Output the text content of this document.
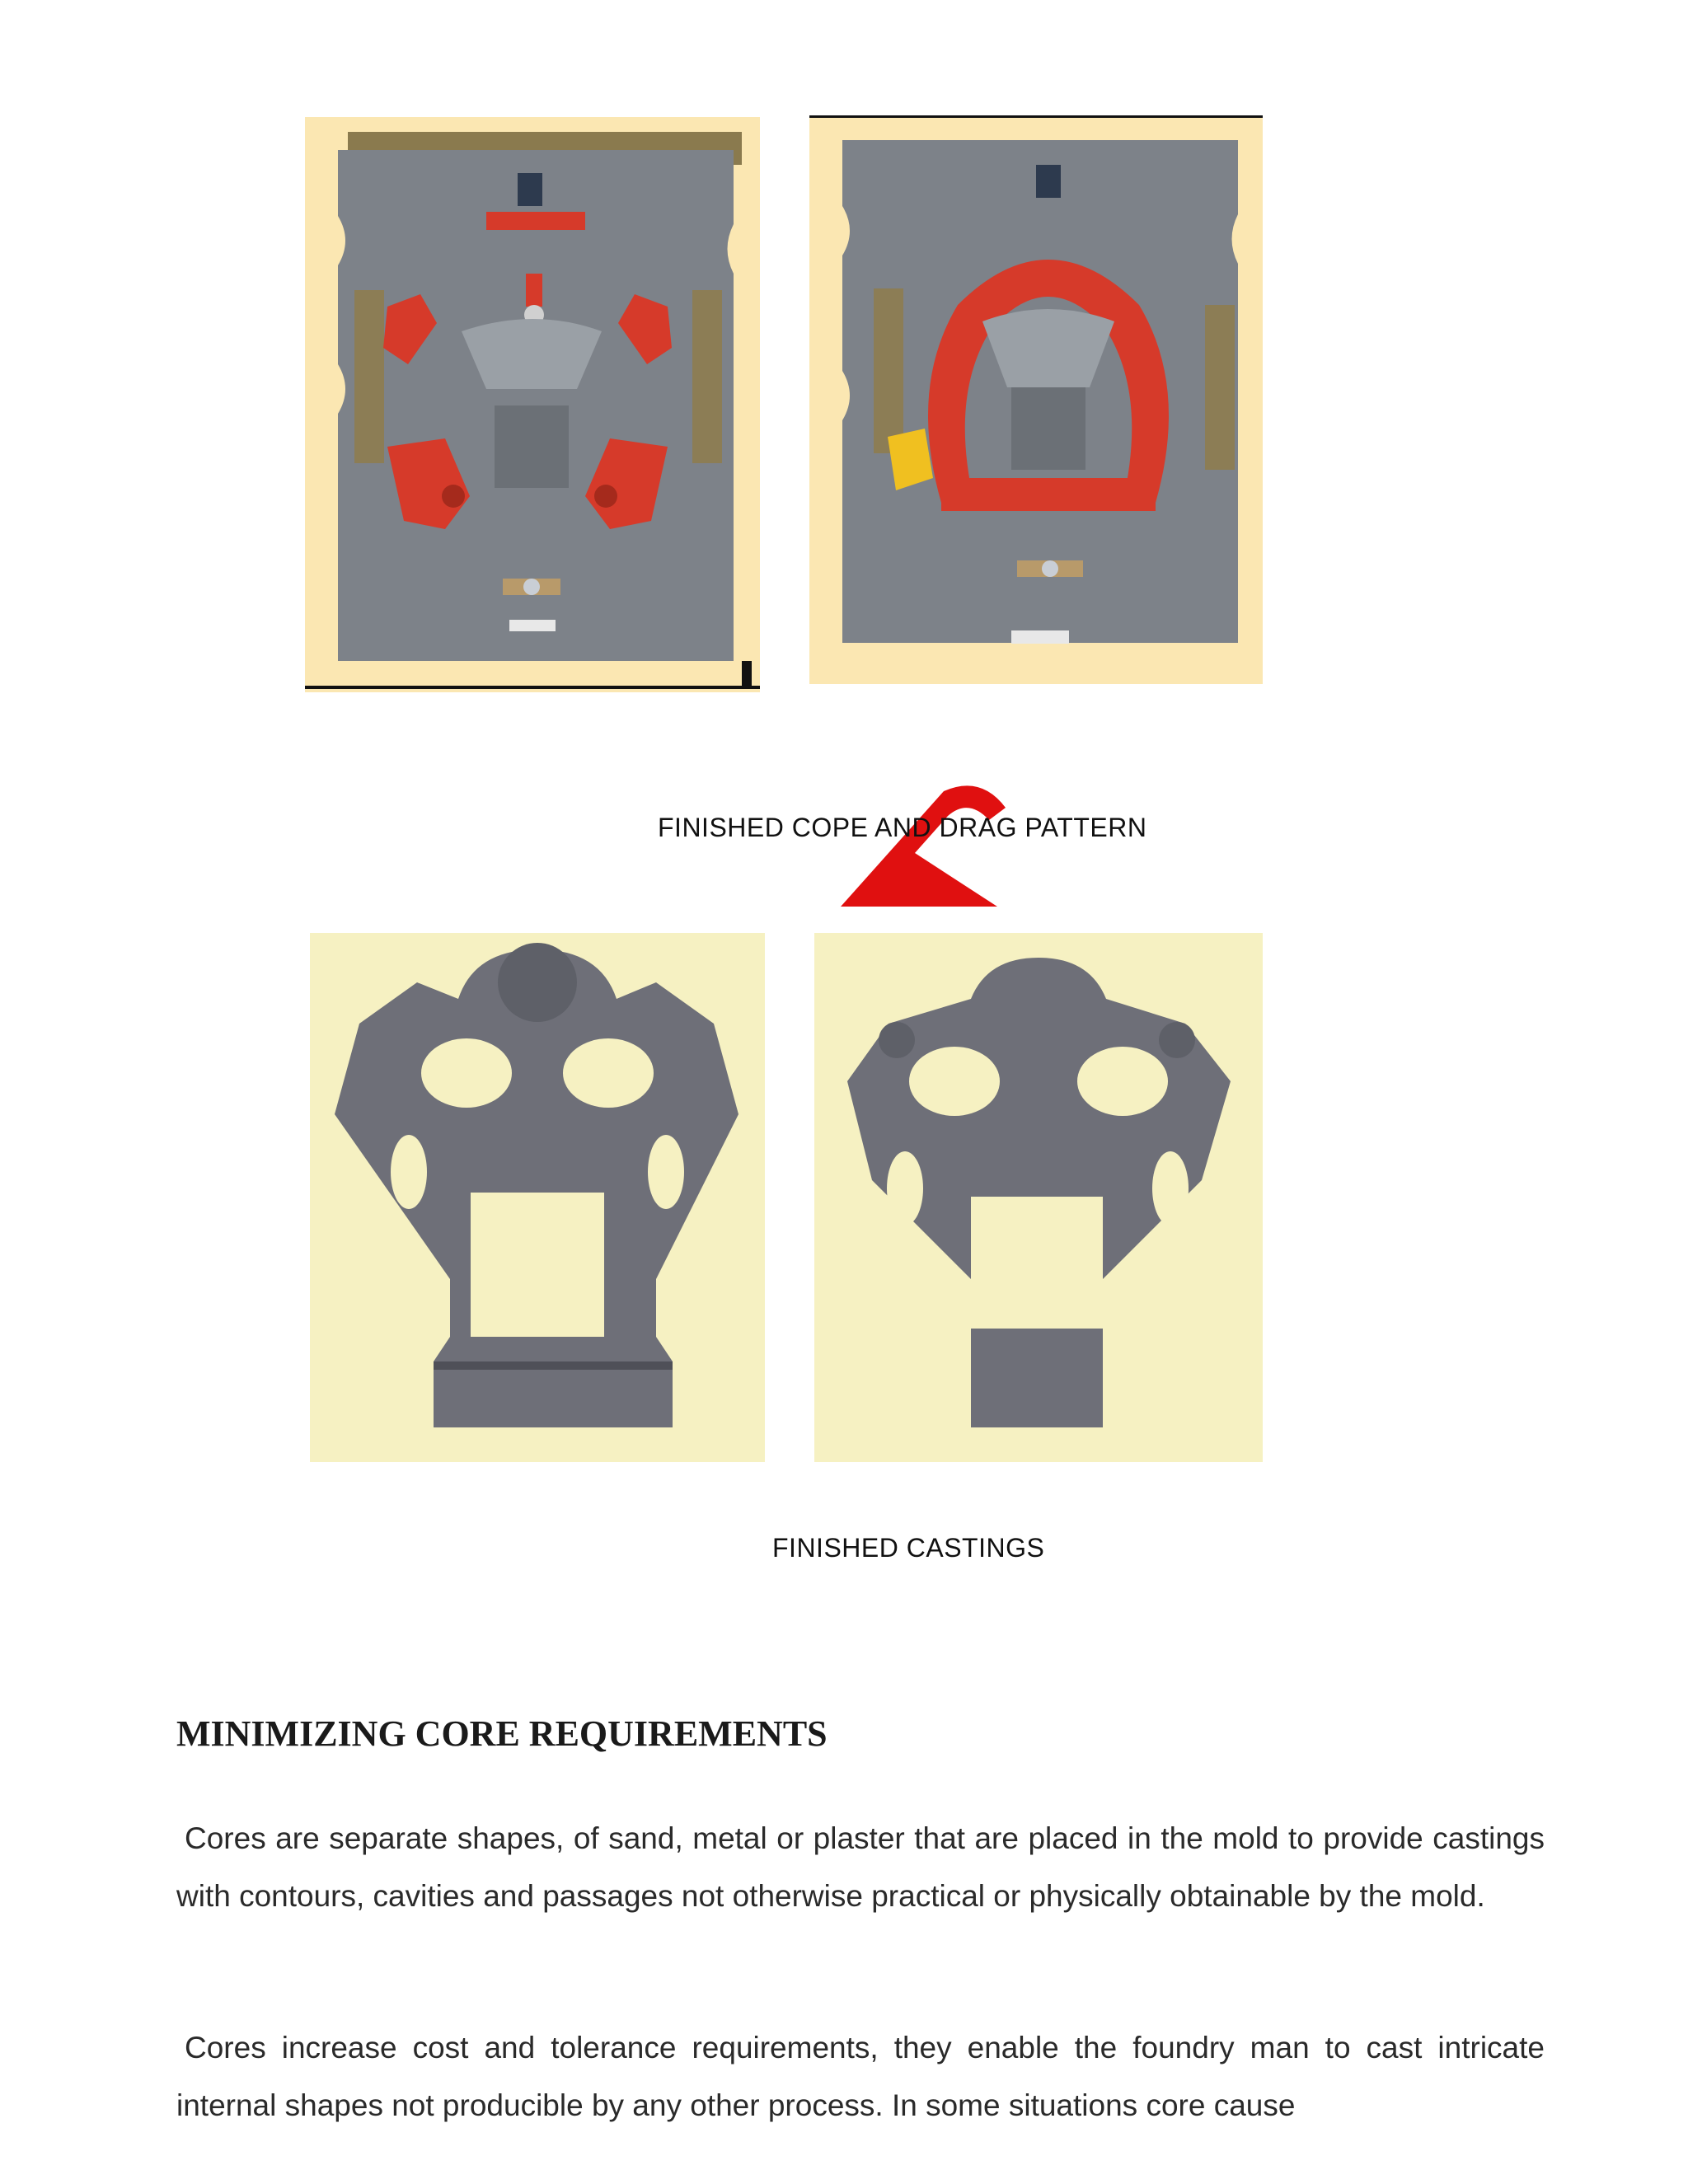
FINISHED COPE AND DRAG PATTERN
FINISHED CASTINGS
MINIMIZING CORE REQUIREMENTS

Cores are separate shapes, of sand, metal or plaster that are placed in the mold to provide castings with contours, cavities and passages not otherwise practical or physically obtainable by the mold.

Cores increase cost and tolerance requirements, they enable the foundry man to cast intricate internal shapes not producible by any other process. In some situations core cause
